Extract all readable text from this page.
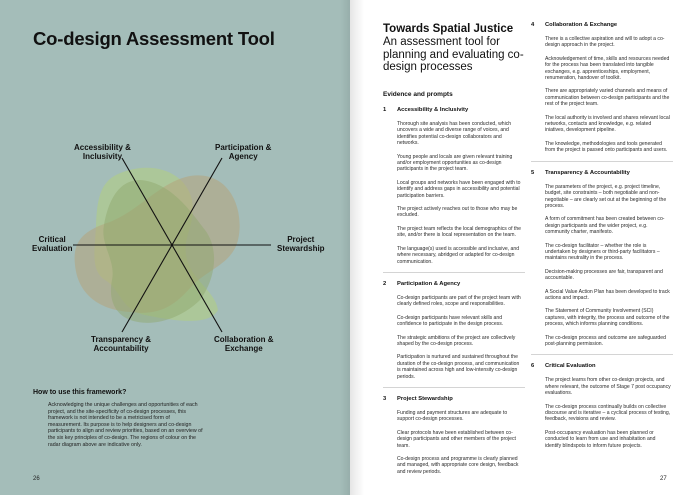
Co-design Assessment Tool
Accessibility &
Inclusivity
Participation &
Agency
Project
Stewardship
Collaboration &
Exchange
Transparency &
Accountability
Critical
Evaluation

How to use this framework?

Acknowledging the unique challenges and opportunities of each project, and the site-specificity of co-design processes, this framework is not intended to be a metricised form of measurement. Its purpose is to help designers and co-design participants to align and review priorities, based on an overview of the six key principles of co-design. The regions of colour on the radar diagram above are indicative only.

26
Towards Spatial Justice
An assessment tool for planning and evaluating co-design processes
Evidence and prompts
1	Accessibility & Inclusivity

Thorough site analysis has been conducted, which uncovers a wide and diverse range of voices, and identifies potential co-design collaborators and networks.

Young people and locals are given relevant training and/or employment opportunities as co-design participants in the project team.

Local groups and networks have been engaged with to identify and address gaps in accessibility and potential participation barriers.

The project actively reaches out to those who may be excluded.

The project team reflects the local demographics of the site, and/or there is local representation on the team.

The language(s) used is accessible and inclusive, and where necessary, abridged or adapted for co-design communication.

2	Participation & Agency

Co-design participants are part of the project team with clearly defined roles, scope and responsibilities.

Co-design participants have relevant skills and confidence to participate in the design process.

The strategic ambitions of the project are collectively shaped by the co-design process.

Participation is nurtured and sustained throughout the duration of the co-design process, and communication is maintained across high and low-intensity co-design periods.

3	Project Stewardship

Funding and payment structures are adequate to support co-design processes.

Clear protocols have been established between co-design participants and other members of the project team.

Co-design process and programme is clearly planned and managed, with appropriate core design, feedback and review periods.

4	Collaboration & Exchange

There is a collective aspiration and will to adopt a co-design approach in the project.

Acknowledgement of time, skills and resources needed for the process has been translated into tangible exchanges, e.g. apprenticeships, employment, renumeration, handover of toolkit.

There are appropriately varied channels and means of communication between co-design participants and the rest of the project team.

The local authority is involved and shares relevant local networks, contacts and knowledge, e.g. related iniatives, development pipeline.

The knowledge, methodologies and tools generated from the project is passed onto participants and users.

5	Transparency & Accountability

The parameters of the project, e.g. project timeline, budget, site constraints – both negotiable and non-negotiable – are clearly set out at the beginning of the process.

A form of commitment has been created between co-design participants and the wider project, e.g. community charter, manifesto.

The co-design facilitator – whether the role is undertaken by designers or third-party facilitators – maintains neutrality in the process.

Decision-making processes are fair, transparent and accountable.

A Social Value Action Plan has been developed to track actions and impact.

The Statement of Community Involvement (SCI) captures, with integrity, the process and outcome of the process, which informs planning conditions.

The co-design process and outcome are safeguarded post-planning permission.

6	Critical Evaluation

The project learns from other co-design projects, and where relevant, the outcome of Stage 7 post occupancy evaluations.

The co-design process continually builds on collective discourse and is iterative – a cyclical process of testing, feedback, revisions and review.

Post-occupancy evaluation has been planned or conducted to learn from use and inhabitation and identify blindspots to inform future projects.

27
